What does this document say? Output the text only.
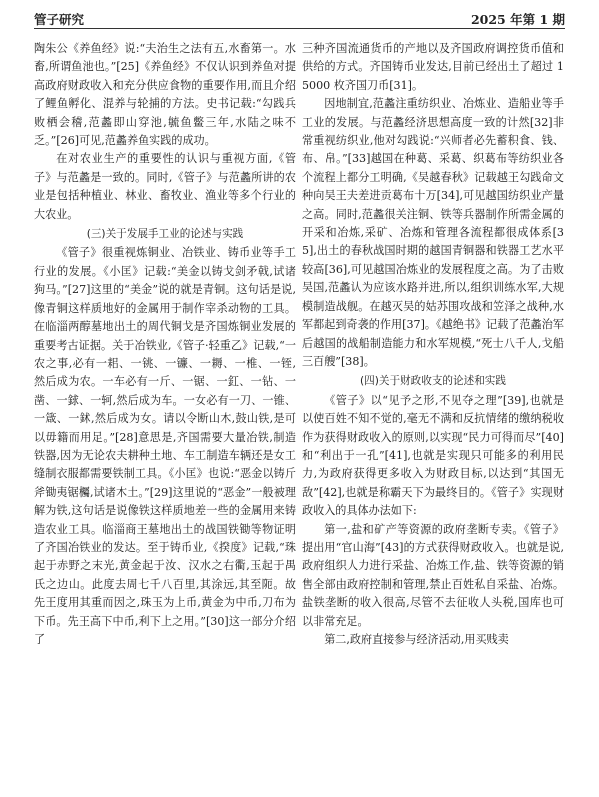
管子研究	2025 年第 1 期

陶朱公《养鱼经》说:“夫治生之法有五,水畜第一。水畜,所谓鱼池也。”[25]《养鱼经》不仅认识到养鱼对提高政府财政收入和充分供应食物的重要作用,而且介绍了鲤鱼孵化、混养与轮捕的方法。史书记载:“勾践兵败栖会稽,范蠡即山穿池,毓鱼鳖三年,水陆之味不乏。”[26]可见,范蠡养鱼实践的成功。

在对农业生产的重要性的认识与重视方面,《管子》与范蠡是一致的。同时,《管子》与范蠡所讲的农业是包括种植业、林业、畜牧业、渔业等多个行业的大农业。

(三)关于发展手工业的论述与实践

《管子》很重视炼铜业、冶铁业、铸币业等手工行业的发展。《小匡》记载:“美金以铸戈剑矛戟,试诸狗马。”[27]这里的“美金”说的就是青铜。这句话是说,像青铜这样质地好的金属用于制作宰杀动物的工具。在临淄两醇墓地出土的周代铜戈是齐国炼铜业发展的重要考古证据。关于冶铁业,《管子·轻重乙》记载,“一农之事,必有一耜、一铫、一镰、一耨、一椎、一铚,然后成为农。一车必有一斤、一锯、一釭、一钻、一凿、一銶、一轲,然后成为车。一女必有一刀、一锥、一箴、一鉥,然后成为女。请以令断山木,鼓山铁,是可以毋籍而用足。”[28]意思是,齐国需要大量冶铁,制造铁器,因为无论农夫耕种土地、车工制造车辆还是女工缝制衣服都需要铁制工具。《小匡》也说:“恶金以铸斤斧锄夷锯欘,试诸木土。”[29]这里说的“恶金”一般被理解为铁,这句话是说像铁这样质地差一些的金属用来铸造农业工具。临淄商王墓地出土的战国铁锄等物证明了齐国冶铁业的发达。至于铸币业,《揆度》记载,“珠起于赤野之末光,黄金起于汝、汉水之右衢,玉起于禺氏之边山。此度去周七千八百里,其涂远,其至阨。故先王度用其重而因之,珠玉为上币,黄金为中币,刀布为下币。先王高下中币,利下上之用。”[30]这一部分介绍了

三种齐国流通货币的产地以及齐国政府调控货币值和供给的方式。齐国铸币业发达,目前已经出土了超过 15000 枚齐国刀币[31]。

因地制宜,范蠡注重纺织业、冶炼业、造船业等手工业的发展。与范蠡经济思想高度一致的计然[32]非常重视纺织业,他对勾践说:“兴师者必先蓄积食、钱、布、帛。”[33]越国在种葛、采葛、织葛布等纺织业各个流程上都分工明确,《吴越春秋》记载越王勾践命文种向吴王夫差进贡葛布十万[34],可见越国纺织业产量之高。同时,范蠡很关注铜、铁等兵器制作所需金属的开采和冶炼,采矿、冶炼和管理各流程都很成体系[35],出土的春秋战国时期的越国青铜器和铁器工艺水平较高[36],可见越国冶炼业的发展程度之高。为了击败吴国,范蠡认为应该水路并进,所以,组织训练水军,大规模制造战舰。在越灭吴的姑苏围攻战和笠泽之战种,水军都起到奇袭的作用[37]。《越绝书》记载了范蠡治军后越国的战船制造能力和水军规模,“死士八千人,戈船三百艘”[38]。

(四)关于财政收支的论述和实践

《管子》以“见予之形,不见夺之理”[39],也就是以使百姓不知不觉的,毫无不满和反抗情绪的缴纳税收作为获得财政收入的原则,以实现“民力可得而尽”[40]和“利出于一孔”[41],也就是实现只可能多的利用民力,为政府获得更多收入为财政目标,以达到“其国无敌”[42],也就是称霸天下为最终目的。《管子》实现财政收入的具体办法如下:

第一,盐和矿产等资源的政府垄断专卖。《管子》提出用“官山海”[43]的方式获得财政收入。也就是说,政府组织人力进行采盐、冶炼工作,盐、铁等资源的销售全部由政府控制和管理,禁止百姓私自采盐、冶炼。盐铁垄断的收入很高,尽管不去征收人头税,国库也可以非常充足。

第二,政府直接参与经济活动,用买贱卖
